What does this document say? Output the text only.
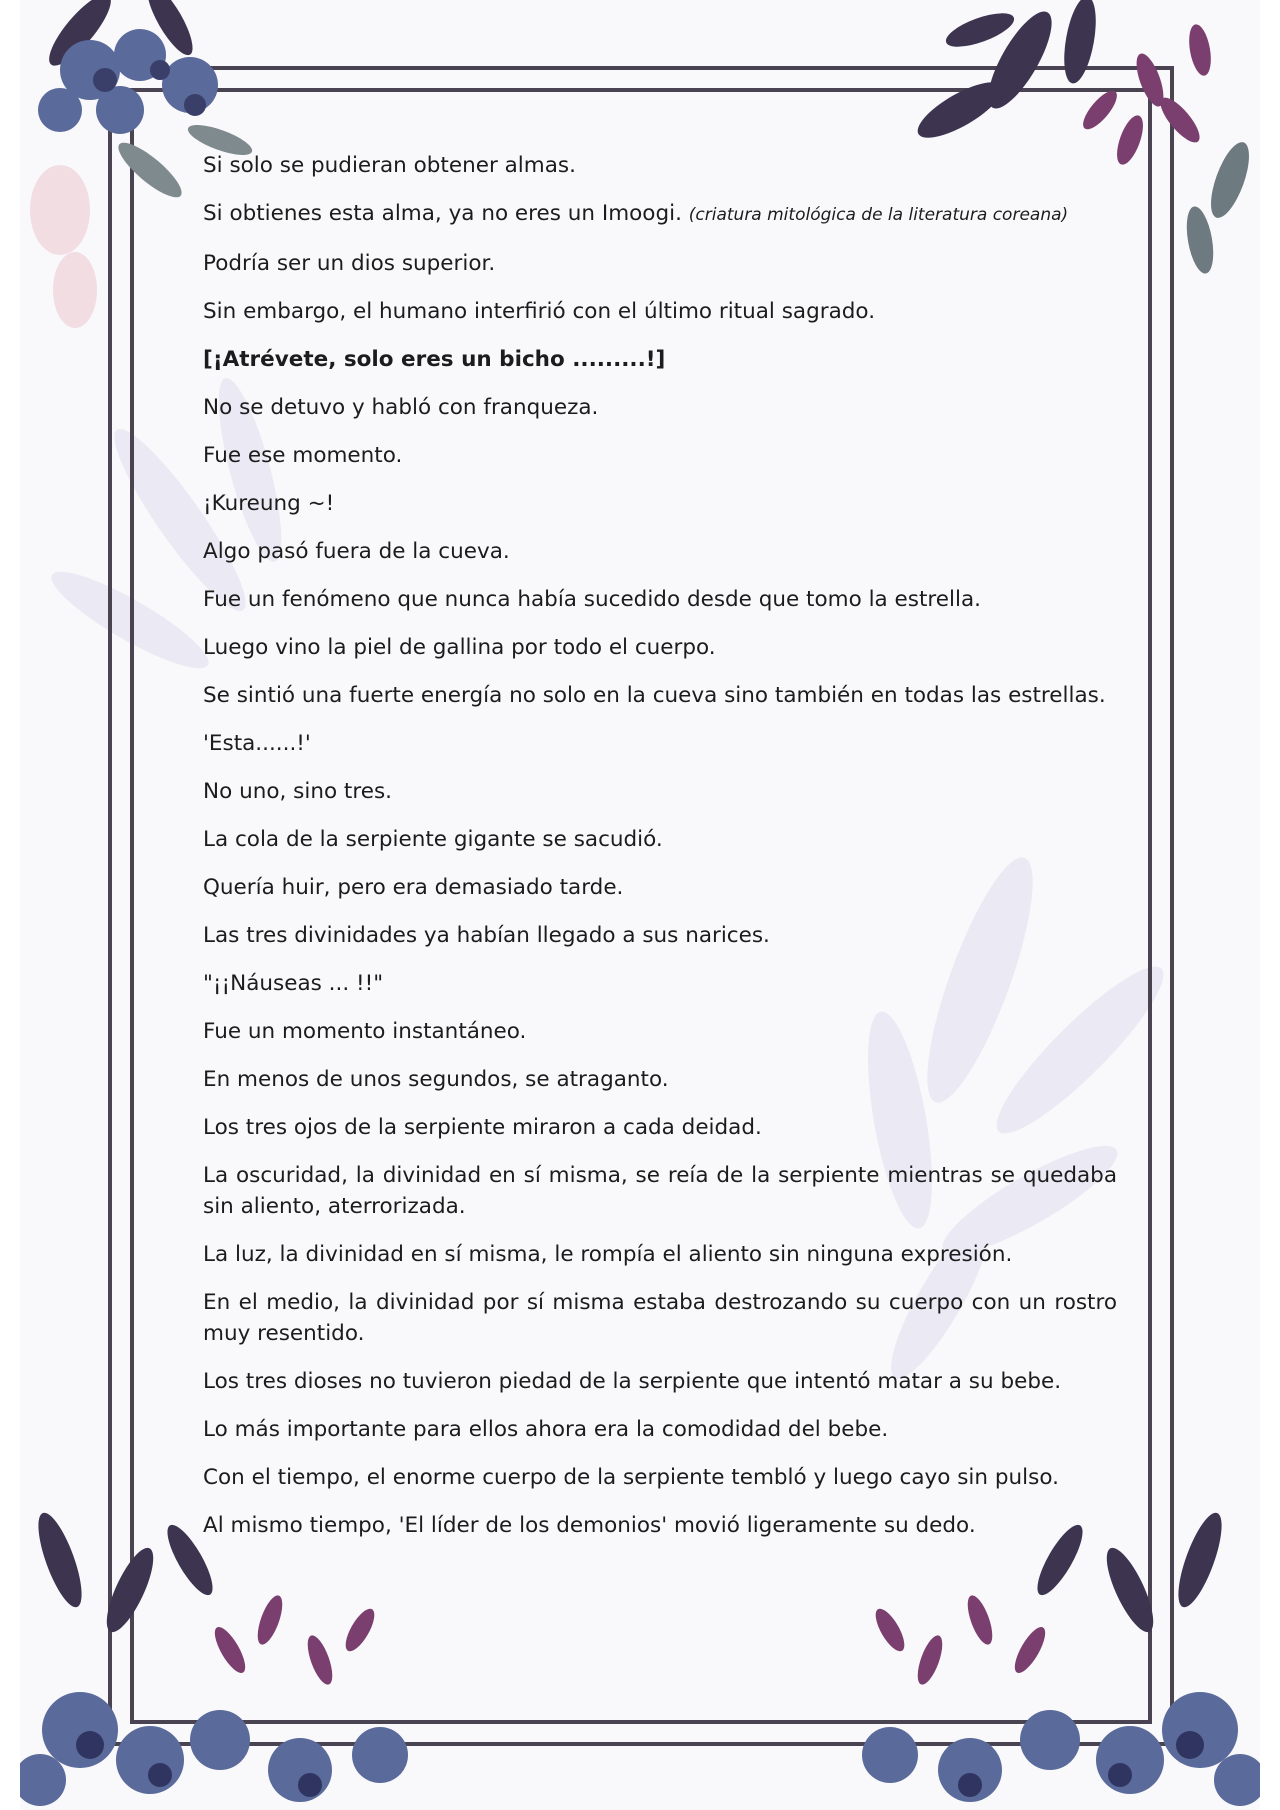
Si solo se pudieran obtener almas.

Si obtienes esta alma, ya no eres un Imoogi. (criatura mitológica de la literatura coreana)

Podría ser un dios superior.

Sin embargo, el humano interfirió con el último ritual sagrado.

[¡Atrévete, solo eres un bicho .........!]

No se detuvo y habló con franqueza.

Fue ese momento.

¡Kureung ~!

Algo pasó fuera de la cueva.

Fue un fenómeno que nunca había sucedido desde que tomo la estrella.

Luego vino la piel de gallina por todo el cuerpo.

Se sintió una fuerte energía no solo en la cueva sino también en todas las estrellas.

'Esta......!'

No uno, sino tres.

La cola de la serpiente gigante se sacudió.

Quería huir, pero era demasiado tarde.

Las tres divinidades ya habían llegado a sus narices.

"¡¡Náuseas ... !!"

Fue un momento instantáneo.

En menos de unos segundos, se atraganto.

Los tres ojos de la serpiente miraron a cada deidad.

La oscuridad, la divinidad en sí misma, se reía de la serpiente mientras se quedaba sin aliento, aterrorizada.

La luz, la divinidad en sí misma, le rompía el aliento sin ninguna expresión.

En el medio, la divinidad por sí misma estaba destrozando su cuerpo con un rostro muy resentido.

Los tres dioses no tuvieron piedad de la serpiente que intentó matar a su bebe.

Lo más importante para ellos ahora era la comodidad del bebe.

Con el tiempo, el enorme cuerpo de la serpiente tembló y luego cayo sin pulso.

Al mismo tiempo, 'El líder de los demonios' movió ligeramente su dedo.
